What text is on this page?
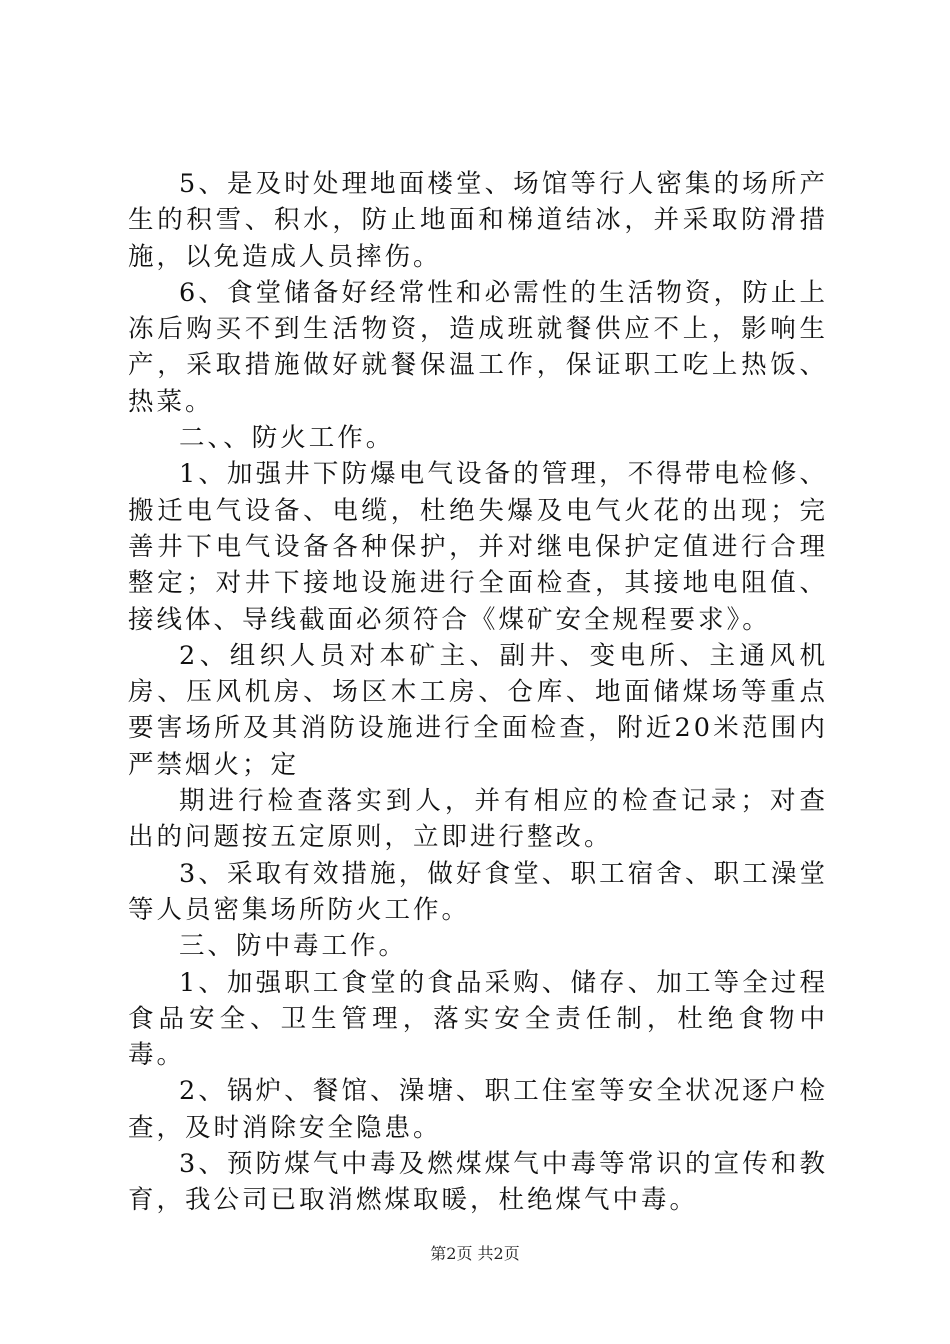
5、是及时处理地面楼堂、场馆等行人密集的场所产生的积雪、积水，防止地面和梯道结冰，并采取防滑措施，以免造成人员摔伤。

6、食堂储备好经常性和必需性的生活物资，防止上冻后购买不到生活物资，造成班就餐供应不上，影响生产，采取措施做好就餐保温工作，保证职工吃上热饭、热菜。

二、、防火工作。

1、加强井下防爆电气设备的管理，不得带电检修、搬迁电气设备、电缆，杜绝失爆及电气火花的出现；完善井下电气设备各种保护，并对继电保护定值进行合理整定；对井下接地设施进行全面检查，其接地电阻值、接线体、导线截面必须符合《煤矿安全规程要求》。

2、组织人员对本矿主、副井、变电所、主通风机房、压风机房、场区木工房、仓库、地面储煤场等重点要害场所及其消防设施进行全面检查，附近20米范围内严禁烟火；定

期进行检查落实到人，并有相应的检查记录；对查出的问题按五定原则，立即进行整改。

3、采取有效措施，做好食堂、职工宿舍、职工澡堂等人员密集场所防火工作。

三、防中毒工作。

1、加强职工食堂的食品采购、储存、加工等全过程食品安全、卫生管理，落实安全责任制，杜绝食物中毒。

2、锅炉、餐馆、澡塘、职工住室等安全状况逐户检查，及时消除安全隐患。

3、预防煤气中毒及燃煤煤气中毒等常识的宣传和教育，我公司已取消燃煤取暖，杜绝煤气中毒。

第2页 共2页
